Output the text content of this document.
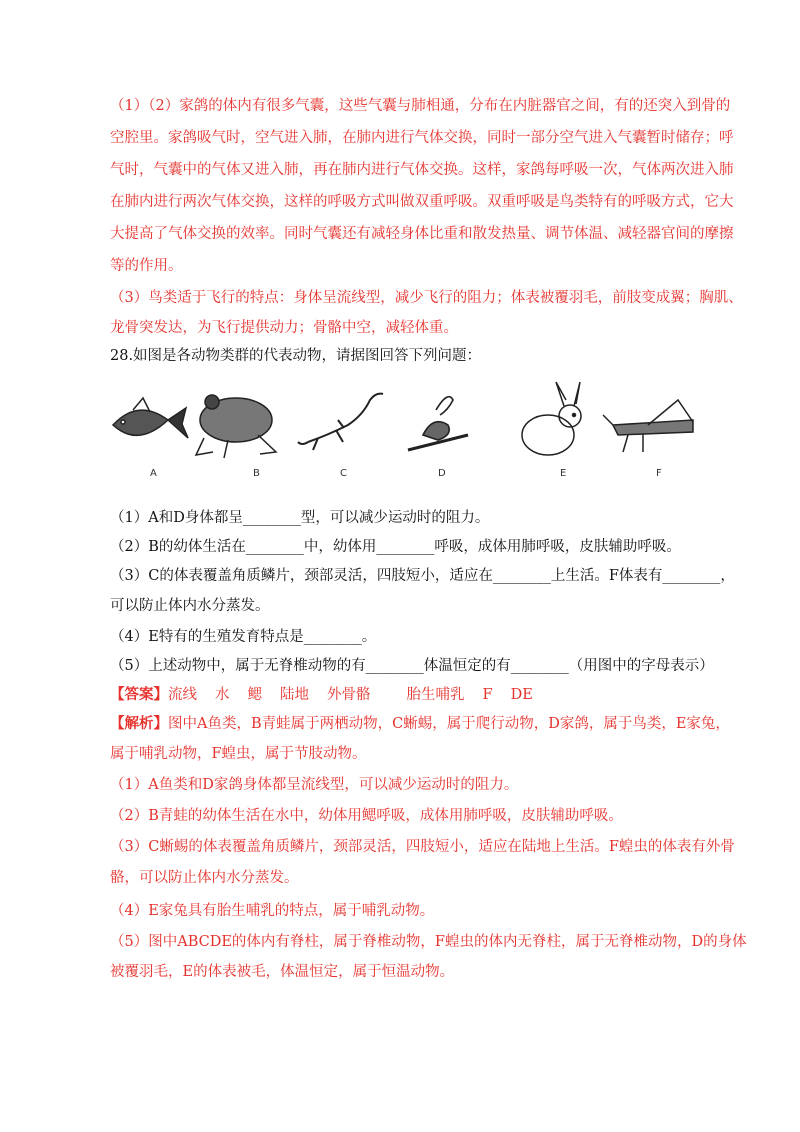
（1）（2）家鸽的体内有很多气囊，这些气囊与肺相通，分布在内脏器官之间，有的还突入到骨的
空腔里。家鸽吸气时，空气进入肺，在肺内进行气体交换，同时一部分空气进入气囊暂时储存；呼
气时，气囊中的气体又进入肺，再在肺内进行气体交换。这样，家鸽每呼吸一次，气体两次进入肺
在肺内进行两次气体交换，这样的呼吸方式叫做双重呼吸。双重呼吸是鸟类特有的呼吸方式，它大
大提高了气体交换的效率。同时气囊还有减轻身体比重和散发热量、调节体温、减轻器官间的摩擦
等的作用。
（3）鸟类适于飞行的特点：身体呈流线型，减少飞行的阻力；体表被覆羽毛，前肢变成翼；胸肌、
龙骨突发达，为飞行提供动力；骨骼中空，减轻体重。
28.如图是各动物类群的代表动物，请据图回答下列问题：
A	B	C	D	E	F
（1）A和D身体都呈________型，可以减少运动时的阻力。
（2）B的幼体生活在________中，幼体用________呼吸，成体用肺呼吸，皮肤辅助呼吸。
（3）C的体表覆盖角质鳞片，颈部灵活，四肢短小，适应在________上生活。F体表有________，
可以防止体内水分蒸发。
（4）E特有的生殖发育特点是________。
（5）上述动物中，属于无脊椎动物的有________体温恒定的有________（用图中的字母表示）
【答案】流线 水 鳃 陆地 外骨骼 胎生哺乳 F DE
【解析】图中A鱼类，B青蛙属于两栖动物，C蜥蜴，属于爬行动物，D家鸽，属于鸟类，E家兔，
属于哺乳动物，F蝗虫，属于节肢动物。
（1）A鱼类和D家鸽身体都呈流线型，可以减少运动时的阻力。
（2）B青蛙的幼体生活在水中，幼体用鳃呼吸，成体用肺呼吸，皮肤辅助呼吸。
（3）C蜥蜴的体表覆盖角质鳞片，颈部灵活，四肢短小，适应在陆地上生活。F蝗虫的体表有外骨
骼，可以防止体内水分蒸发。
（4）E家兔具有胎生哺乳的特点，属于哺乳动物。
（5）图中ABCDE的体内有脊柱，属于脊椎动物，F蝗虫的体内无脊柱，属于无脊椎动物，D的身体
被覆羽毛，E的体表被毛，体温恒定，属于恒温动物。
